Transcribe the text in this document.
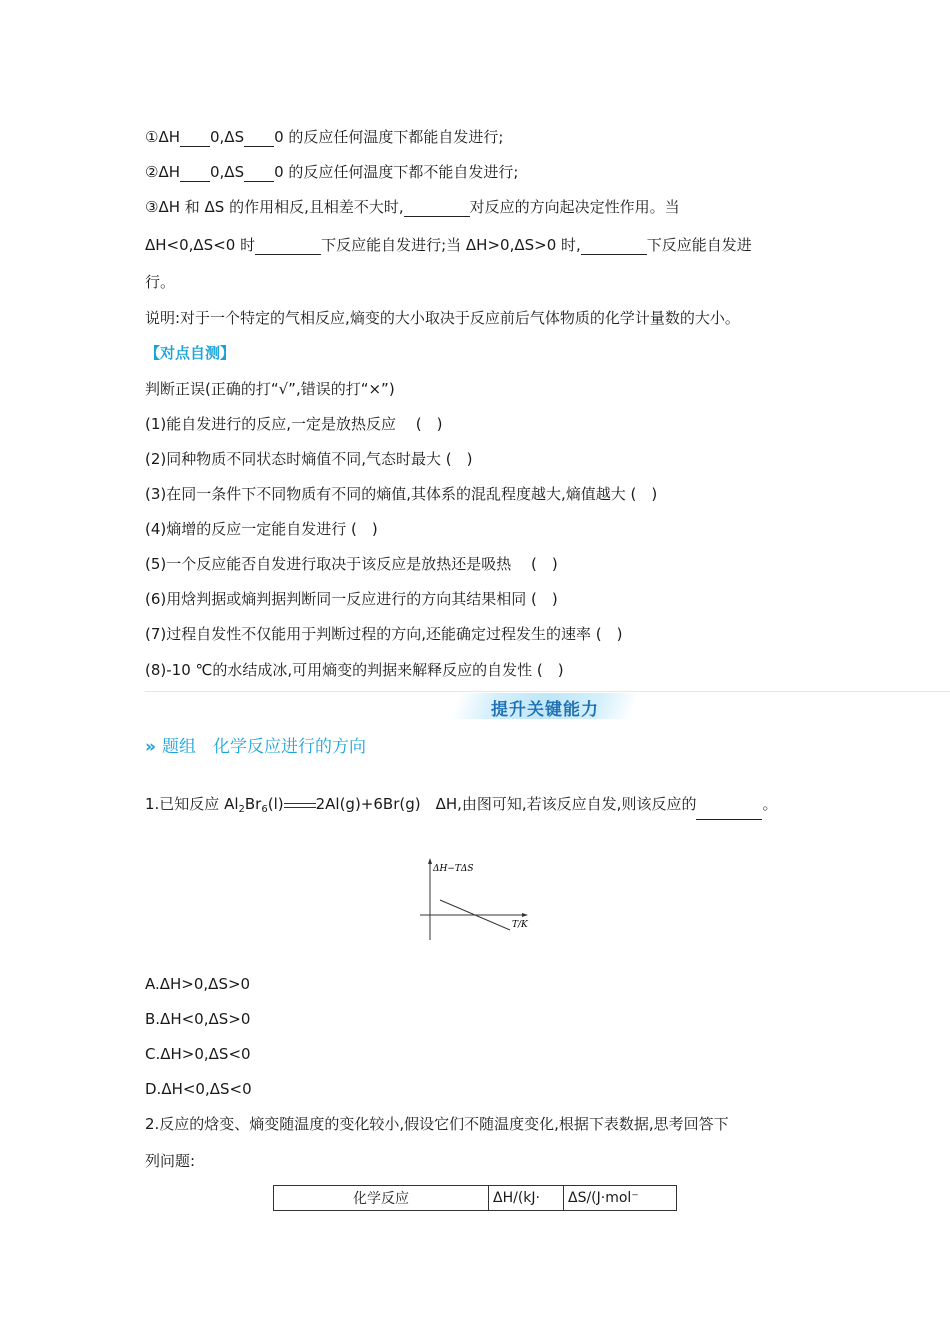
①ΔH 0,ΔS 0 的反应任何温度下都能自发进行;
②ΔH 0,ΔS 0 的反应任何温度下都不能自发进行;
③ΔH 和 ΔS 的作用相反,且相差不大时,	对反应的方向起决定性作用。当
ΔH<0,ΔS<0 时	下反应能自发进行;当 ΔH>0,ΔS>0 时,	下反应能自发进
行。
说明:对于一个特定的气相反应,熵变的大小取决于反应前后气体物质的化学计量数的大小。
【对点自测】
判断正误(正确的打“√”,错误的打“×”)
(1)能自发进行的反应,一定是放热反应　 (　)
(2)同种物质不同状态时熵值不同,气态时最大 (　)
(3)在同一条件下不同物质有不同的熵值,其体系的混乱程度越大,熵值越大 (　)
(4)熵增的反应一定能自发进行 (　)
(5)一个反应能否自发进行取决于该反应是放热还是吸热　 (　)
(6)用焓判据或熵判据判断同一反应进行的方向其结果相同 (　)
(7)过程自发性不仅能用于判断过程的方向,还能确定过程发生的速率 (　)
(8)-10 ℃的水结成冰,可用熵变的判据来解释反应的自发性 (　)
提升关键能力
» 题组　化学反应进行的方向
1.已知反应 $Al_2Br_6(l)$ 2Al(g)+6Br(g)　ΔH,由图可知,若该反应自发,则该反应的	。
ΔH−TΔS
T/K
A.ΔH>0,ΔS>0
B.ΔH<0,ΔS>0
C.ΔH>0,ΔS<0
D.ΔH<0,ΔS<0
2.反应的焓变、熵变随温度的变化较小,假设它们不随温度变化,根据下表数据,思考回答下
列问题:
化学反应	ΔH/(kJ·	ΔS/(J·mol⁻
